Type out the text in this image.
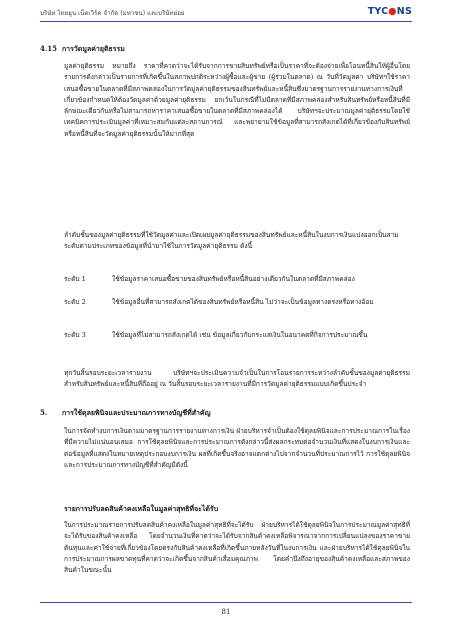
บริษัท ไทยยูน เน็ตเวิร์ค จำกัด (มหาชน) และบริษัทย่อย	TYC●NS
4.15 การวัดมูลค่ายุติธรรม

มูลค่ายุติธรรม หมายถึง ราคาที่คาดว่าจะได้รับจากการขายสินทรัพย์หรือเป็นราคาที่จะต้องจ่ายเพื่อโอนหนี้สินให้ผู้อื่นโดยรายการดังกล่าวเป็นรายการที่เกิดขึ้นในสภาพปกติระหว่างผู้ซื้อและผู้ขาย (ผู้ร่วมในตลาด) ณ วันที่วัดมูลค่า บริษัทฯใช้ราคาเสนอซื้อขายในตลาดที่มีสภาพคล่องในการวัดมูลค่ายุติธรรมของสินทรัพย์และหนี้สินซึ่งมาตรฐานการรายงานทางการเงินที่เกี่ยวข้องกำหนดให้ต้องวัดมูลค่าด้วยมูลค่ายุติธรรม ยกเว้นในกรณีที่ไม่มีตลาดที่มีสภาพคล่องสำหรับสินทรัพย์หรือหนี้สินที่มีลักษณะเดียวกันหรือไม่สามารถหาราคาเสนอซื้อขายในตลาดที่มีสภาพคล่องได้ บริษัทฯจะประมาณมูลค่ายุติธรรมโดยใช้เทคนิคการประเมินมูลค่าที่เหมาะสมกับแต่ละสถานการณ์ และพยายามใช้ข้อมูลที่สามารถสังเกตได้ที่เกี่ยวข้องกับสินทรัพย์หรือหนี้สินที่จะวัดมูลค่ายุติธรรมนั้นให้มากที่สุด

ลำดับชั้นของมูลค่ายุติธรรมที่ใช้วัดมูลค่าและเปิดเผยมูลค่ายุติธรรมของสินทรัพย์และหนี้สินในงบการเงินแบ่งออกเป็นสามระดับตามประเภทของข้อมูลที่นำมาใช้ในการวัดมูลค่ายุติธรรม ดังนี้

ระดับ 1	ใช้ข้อมูลราคาเสนอซื้อขายของสินทรัพย์หรือหนี้สินอย่างเดียวกันในตลาดที่มีสภาพคล่อง
ระดับ 2	ใช้ข้อมูลอื่นที่สามารถสังเกตได้ของสินทรัพย์หรือหนี้สิน ไม่ว่าจะเป็นข้อมูลทางตรงหรือทางอ้อม
ระดับ 3	ใช้ข้อมูลที่ไม่สามารถสังเกตได้ เช่น ข้อมูลเกี่ยวกับกระแสเงินในอนาคตที่กิจการประมาณขึ้น

ทุกวันสิ้นรอบระยะเวลารายงาน บริษัทฯจะประเมินความจำเป็นในการโอนรายการระหว่างลำดับชั้นของมูลค่ายุติธรรมสำหรับสินทรัพย์และหนี้สินที่ถืออยู่ ณ วันสิ้นรอบระยะเวลารายงานที่มีการวัดมูลค่ายุติธรรมแบบเกิดขึ้นประจำ

5. การใช้ดุลยพินิจและประมาณการทางบัญชีที่สำคัญ

ในการจัดทำงบการเงินตามมาตรฐานการรายงานทางการเงิน ฝ่ายบริหารจำเป็นต้องใช้ดุลยพินิจและการประมาณการในเรื่องที่มีความไม่แน่นอนเสมอ การใช้ดุลยพินิจและการประมาณการดังกล่าวนี้ส่งผลกระทบต่อจำนวนเงินที่แสดงในงบการเงินและต่อข้อมูลที่แสดงในหมายเหตุประกอบงบการเงิน ผลที่เกิดขึ้นจริงอาจแตกต่างไปจากจำนวนที่ประมาณการไว้ การใช้ดุลยพินิจและการประมาณการทางบัญชีที่สำคัญมีดังนี้

รายการปรับลดสินค้าคงเหลือในมูลค่าสุทธิที่จะได้รับ

ในการประมาณรายการปรับลดสินค้าคงเหลือในมูลค่าสุทธิที่จะได้รับ ฝ่ายบริหารได้ใช้ดุลยพินิจในการประมาณมูลค่าสุทธิที่จะได้รับของสินค้าคงเหลือ โดยจำนวนเงินที่คาดว่าจะได้รับจากสินค้าคงเหลือพิจารณาจากการเปลี่ยนแปลงของราคาขาย ต้นทุนและค่าใช้จ่ายที่เกี่ยวข้องโดยตรงกับสินค้าคงเหลือที่เกิดขึ้นภายหลังวันที่ในงบการเงิน และฝ่ายบริหารได้ใช้ดุลยพินิจในการประมาณการผลขาดทุนที่คาดว่าจะเกิดขึ้นจากสินค้าเสื่อมคุณภาพ โดยคำนึงถึงอายุของสินค้าคงเหลือและสภาพของสินค้าในขณะนั้น

81
